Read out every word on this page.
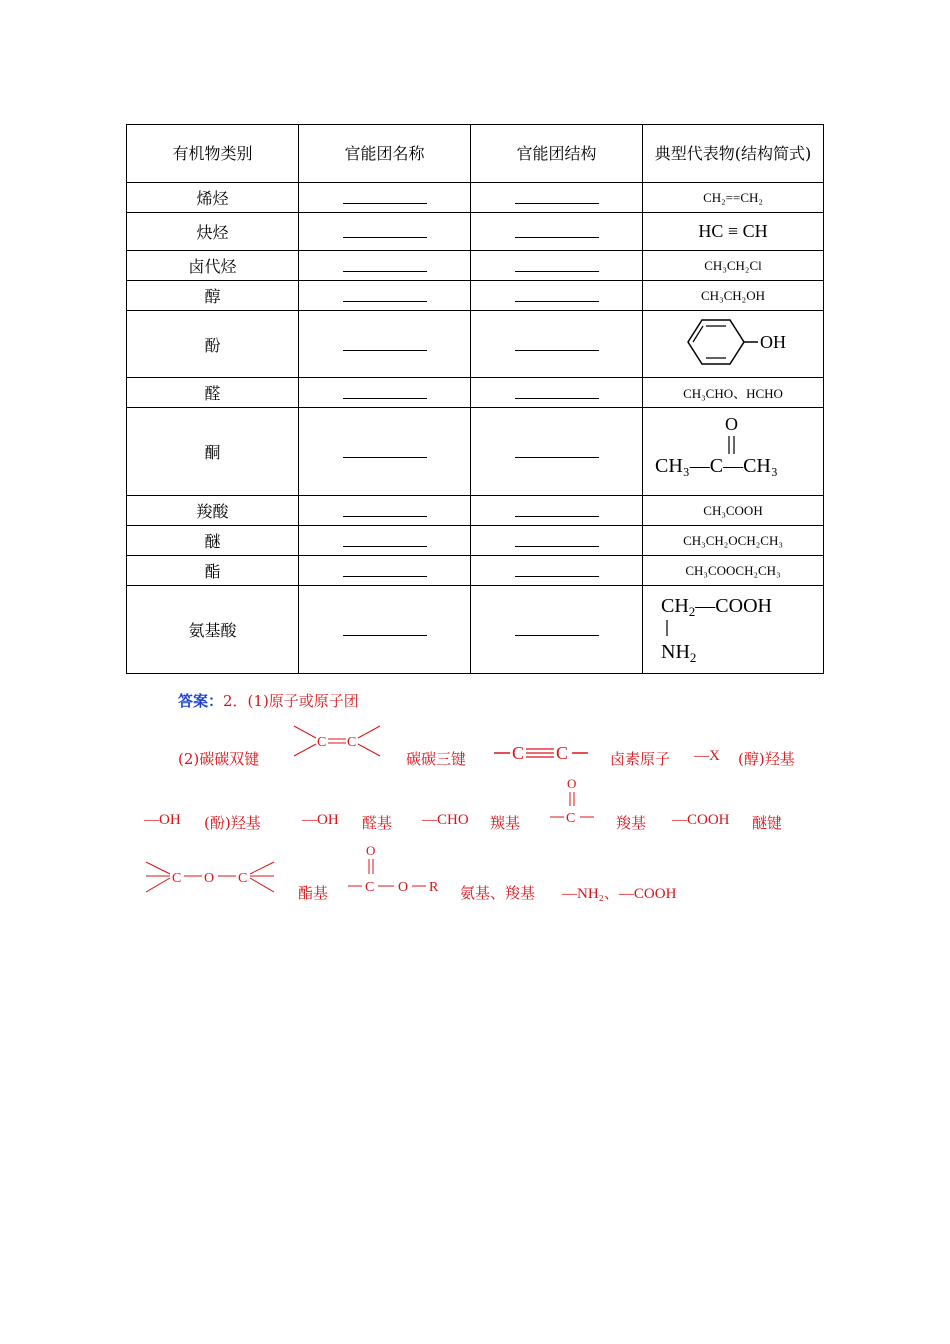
有机物类别	官能团名称	官能团结构	典型代表物(结构简式)
烯烃			CH₂==CH₂
炔烃			HC ≡ CH
卤代烃			CH₃CH₂Cl
醇			CH₃CH₂OH
酚			OH

醛			CH₃CHO、HCHO
酮			O
CH₃—C—CH₃

羧酸			CH₃COOH
醚			CH₃CH₂OCH₂CH₃
酯			CH₃COOCH₂CH₃
氨基酸			$CH_2—COOH$
$NH_2$
答案：2．(1)原子或原子团
(2)碳碳双键
C C
碳碳三键	C C	卤素原子 —X (醇)羟基
—OH (酚)羟基	—OH 醛基 —CHO 羰基
O
C	羧基 —COOH 醚键
C O C
酯基
O
C O R 氨基、羧基 —NH₂、—COOH
